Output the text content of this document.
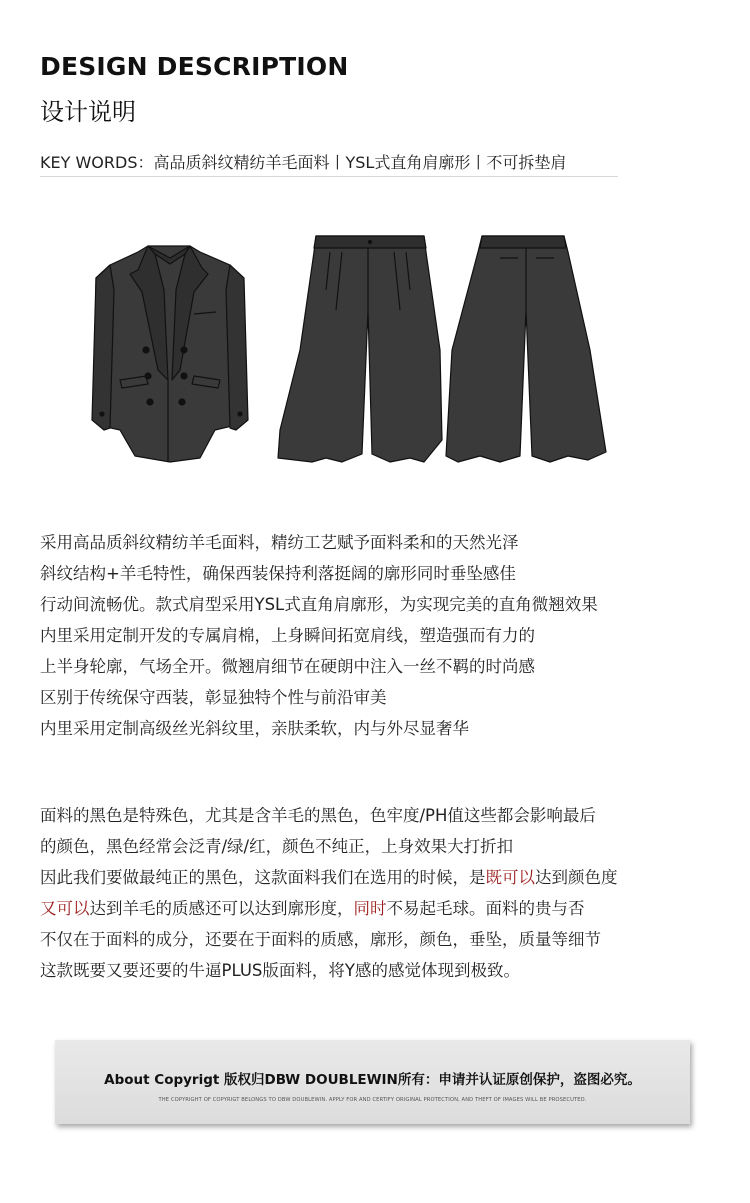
DESIGN DESCRIPTION
设计说明
KEY WORDS：高品质斜纹精纺羊毛面料丨YSL式直角肩廓形丨不可拆垫肩
采用高品质斜纹精纺羊毛面料，精纺工艺赋予面料柔和的天然光泽
斜纹结构+羊毛特性，确保西装保持利落挺阔的廓形同时垂坠感佳
行动间流畅优。款式肩型采用YSL式直角肩廓形，为实现完美的直角微翘效果
内里采用定制开发的专属肩棉，上身瞬间拓宽肩线，塑造强而有力的
上半身轮廓，气场全开。微翘肩细节在硬朗中注入一丝不羁的时尚感
区别于传统保守西装，彰显独特个性与前沿审美
内里采用定制高级丝光斜纹里，亲肤柔软，内与外尽显奢华
面料的黑色是特殊色，尤其是含羊毛的黑色，色牢度/PH值这些都会影响最后
的颜色，黑色经常会泛青/绿/红，颜色不纯正，上身效果大打折扣
因此我们要做最纯正的黑色，这款面料我们在选用的时候，是既可以达到颜色度
又可以达到羊毛的质感还可以达到廓形度，同时不易起毛球。面料的贵与否
不仅在于面料的成分，还要在于面料的质感，廓形，颜色，垂坠，质量等细节
这款既要又要还要的牛逼PLUS版面料，将Y感的感觉体现到极致。
About Copyrigt 版权归DBW DOUBLEWIN所有：申请并认证原创保护，盗图必究。
THE COPYRIGHT OF COPYRIGT BELONGS TO DBW DOUBLEWIN. APPLY FOR AND CERTIFY ORIGINAL PROTECTION, AND THEFT OF IMAGES WILL BE PROSECUTED.
